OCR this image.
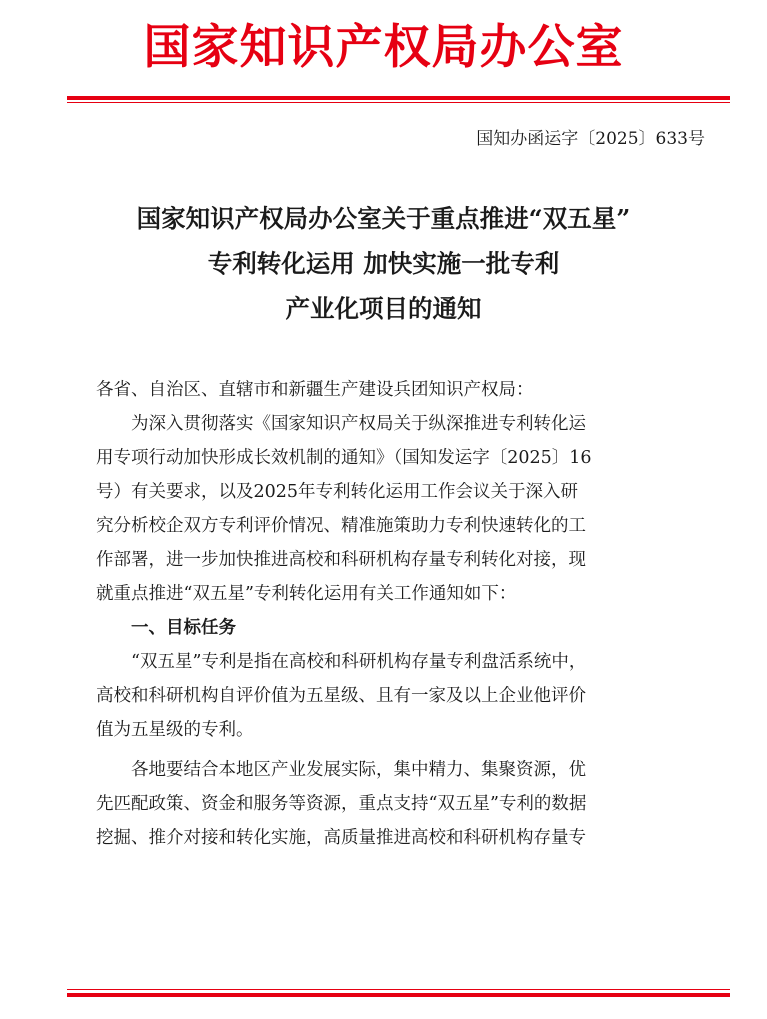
国家知识产权局办公室
国知办函运字〔2025〕633号
国家知识产权局办公室关于重点推进“双五星”
专利转化运用 加快实施一批专利
产业化项目的通知

各省、自治区、直辖市和新疆生产建设兵团知识产权局：

为深入贯彻落实《国家知识产权局关于纵深推进专利转化运

用专项行动加快形成长效机制的通知》（国知发运字〔2025〕16

号）有关要求，以及2025年专利转化运用工作会议关于深入研

究分析校企双方专利评价情况、精准施策助力专利快速转化的工

作部署，进一步加快推进高校和科研机构存量专利转化对接，现

就重点推进“双五星”专利转化运用有关工作通知如下：

一、目标任务

“双五星”专利是指在高校和科研机构存量专利盘活系统中，

高校和科研机构自评价值为五星级、且有一家及以上企业他评价

值为五星级的专利。

各地要结合本地区产业发展实际，集中精力、集聚资源，优

先匹配政策、资金和服务等资源，重点支持“双五星”专利的数据

挖掘、推介对接和转化实施，高质量推进高校和科研机构存量专
